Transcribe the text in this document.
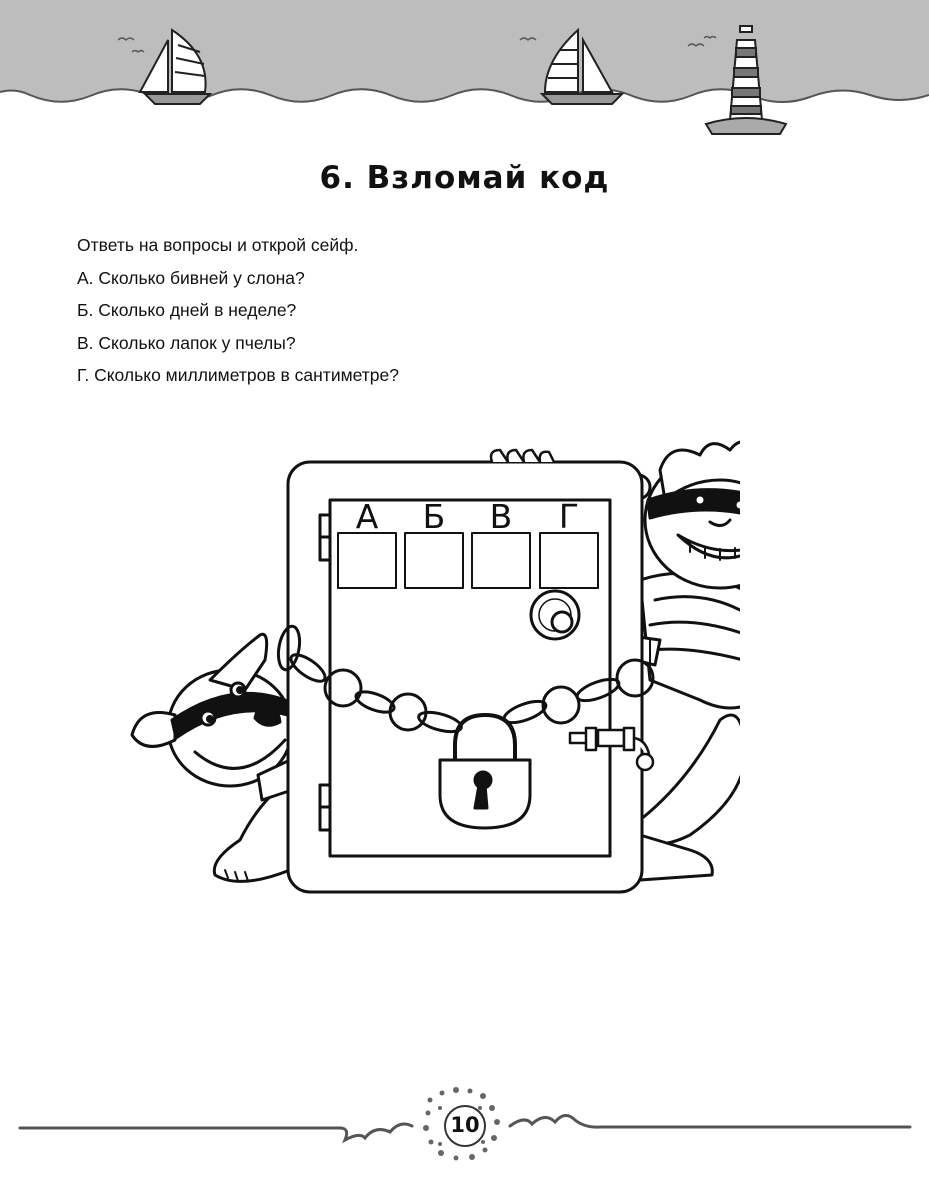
6. Взломай код
Ответь на вопросы и открой сейф.
А. Сколько бивней у слона?
Б. Сколько дней в неделе?
В. Сколько лапок у пчелы?
Г. Сколько миллиметров в сантиметре?
А Б В Г
10
